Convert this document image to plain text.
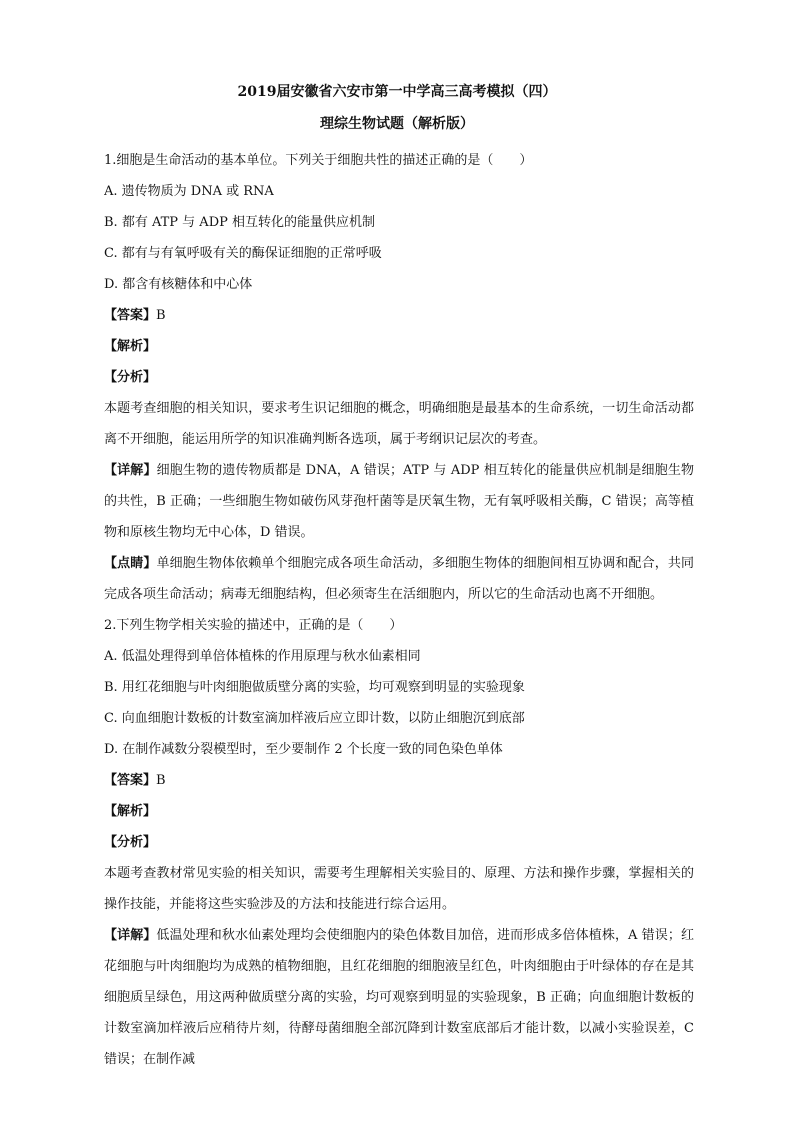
2019届安徽省六安市第一中学高三高考模拟（四）
理综生物试题（解析版）
1.细胞是生命活动的基本单位。下列关于细胞共性的描述正确的是（　　）
A. 遗传物质为 DNA 或 RNA
B. 都有 ATP 与 ADP 相互转化的能量供应机制
C. 都有与有氧呼吸有关的酶保证细胞的正常呼吸
D. 都含有核糖体和中心体
【答案】B
【解析】
【分析】
本题考查细胞的相关知识，要求考生识记细胞的概念，明确细胞是最基本的生命系统，一切生命活动都离不开细胞，能运用所学的知识准确判断各选项，属于考纲识记层次的考查。
【详解】细胞生物的遗传物质都是 DNA，A 错误；ATP 与 ADP 相互转化的能量供应机制是细胞生物的共性，B 正确；一些细胞生物如破伤风芽孢杆菌等是厌氧生物，无有氧呼吸相关酶，C 错误；高等植物和原核生物均无中心体，D 错误。
【点睛】单细胞生物体依赖单个细胞完成各项生命活动，多细胞生物体的细胞间相互协调和配合，共同完成各项生命活动；病毒无细胞结构，但必须寄生在活细胞内，所以它的生命活动也离不开细胞。
2.下列生物学相关实验的描述中，正确的是（　　）
A. 低温处理得到单倍体植株的作用原理与秋水仙素相同
B. 用红花细胞与叶肉细胞做质壁分离的实验，均可观察到明显的实验现象
C. 向血细胞计数板的计数室滴加样液后应立即计数，以防止细胞沉到底部
D. 在制作减数分裂模型时，至少要制作 2 个长度一致的同色染色单体
【答案】B
【解析】
【分析】
本题考查教材常见实验的相关知识，需要考生理解相关实验目的、原理、方法和操作步骤，掌握相关的操作技能，并能将这些实验涉及的方法和技能进行综合运用。
【详解】低温处理和秋水仙素处理均会使细胞内的染色体数目加倍，进而形成多倍体植株，A 错误；红花细胞与叶肉细胞均为成熟的植物细胞，且红花细胞的细胞液呈红色，叶肉细胞由于叶绿体的存在是其细胞质呈绿色，用这两种做质壁分离的实验，均可观察到明显的实验现象，B 正确；向血细胞计数板的计数室滴加样液后应稍待片刻，待酵母菌细胞全部沉降到计数室底部后才能计数，以减小实验误差，C 错误；在制作减
